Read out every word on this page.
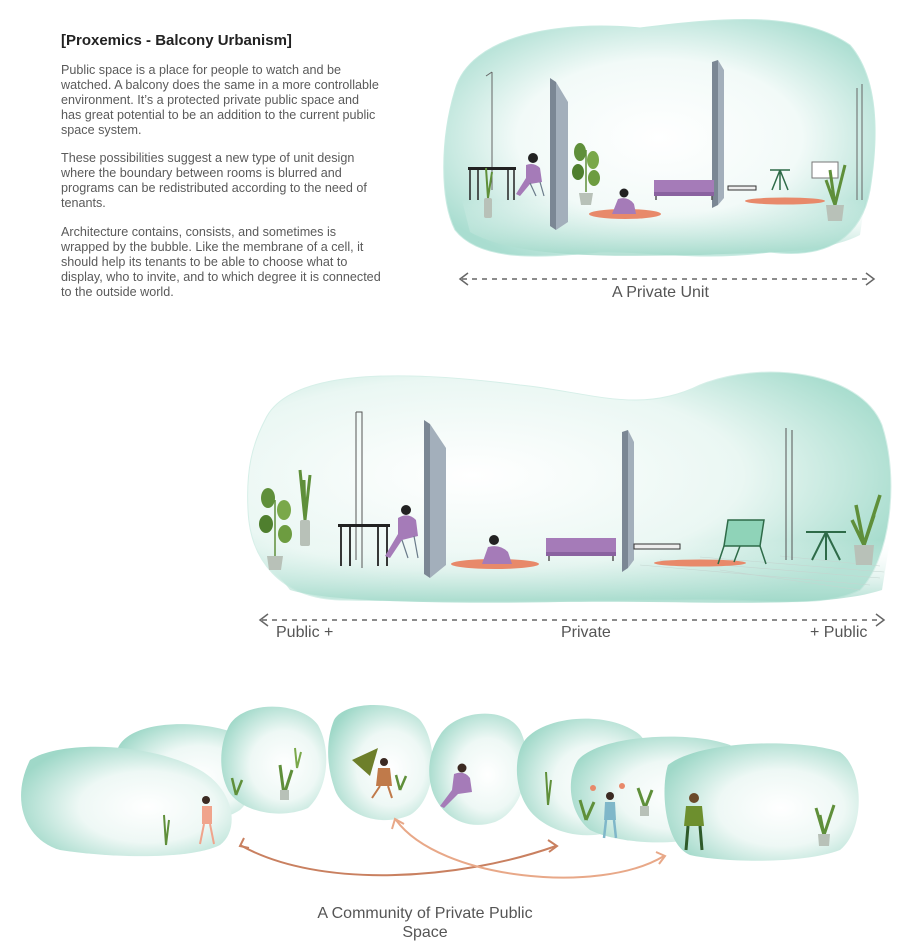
[Proxemics - Balcony Urbanism]

Public space is a place for people to watch and be watched. A balcony does the same in a more controllable environment. It’s a protected private public space and has great potential to be an addition to the current public space system.

These possibilities suggest a new type of unit design where the boundary between rooms is blurred and programs can be redistributed according to the need of tenants.

Architecture contains, consists, and sometimes is wrapped by the bubble. Like the membrane of a cell, it should help its tenants to be able to choose what to display, who to invite, and to which degree it is connected to the outside world.	A Private Unit

Public +	Private	+ Public

A Community of Private Public Space
